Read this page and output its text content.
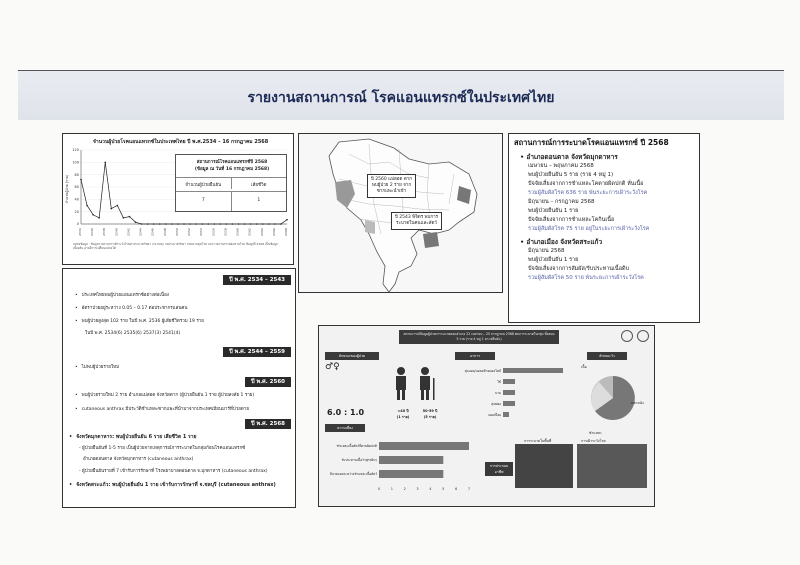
รายงานสถานการณ์ โรคแอนแทรกซ์ในประเทศไทย
จำนวนผู้ป่วยโรคแอนแทรกซ์ในประเทศไทย ปี พ.ศ.2534 – 16 กรกฎาคม 2568
0
20
40
60
80
100
120
จำนวนผู้ป่วย (ราย)
2534	2536	2538	2540	2542	2544	2546	2548	2550	2552	2554	2556	2558	2560	2562	2564	2566	2568
สถานการณ์โรคแอนแทรกซ์ปี 2568
(ข้อมูล ณ วันที่ 16 กรกฎาคม 2568)
จำนวนผู้ป่วยยืนยัน	เสียชีวิต
7	1
แหล่งข้อมูล : ข้อมูลรายงานการเฝ้าระวังโรคทางระบาดวิทยา (รง.506) กองระบาดวิทยา กรมควบคุมโรค และรายงานการสอบสวนโรค ข้อมูลปี 2568 เป็นข้อมูลเบื้องต้น อาจมีการเปลี่ยนแปลงได้
ปี 2560 แม่สอด ตาก
พบผู้ป่วย 2 ราย จาก
ซากแพะนำเข้า
ปี 2543 พิจิตร พบการ
ระบาดในคนและสัตว์
สถานการณ์การระบาดโรคแอนแทรกซ์ ปี 2568
• อำเภอดอนตาล จังหวัดมุกดาหาร
เมษายน – พฤษภาคม 2568
พบผู้ป่วยยืนยัน 5 ราย (ราย 4 หมู่ 1)
ปัจจัยเสี่ยงจากการชำแหละโคตายผิดปกติ หั่นเนื้อ
รวมผู้สัมผัสโรค 636 ราย พ้นระยะการเฝ้าระวังโรค
มิถุนายน – กรกฎาคม 2568
พบผู้ป่วยยืนยัน 1 ราย
ปัจจัยเสี่ยงจากการชำแหละโคกินเนื้อ
รวมผู้สัมผัสโรค 75 ราย อยู่ในระยะการเฝ้าระวังโรค
• อำเภอเมือง จังหวัดสระแก้ว
มิถุนายน 2568
พบผู้ป่วยยืนยัน 1 ราย
ปัจจัยเสี่ยงจากการสัมผัส/รับประทานเนื้อดิบ
รวมผู้สัมผัสโรค 50 ราย พ้นระยะการเฝ้าระวังโรค
ปี พ.ศ. 2534 – 2543
• ประเทศไทยพบผู้ป่วยแอนแทรกซ์อย่างต่อเนื่อง
• อัตราป่วยอยู่ระหว่าง 0.05 – 0.17 ต่อประชากรแสนคน
• พบผู้ป่วยสูงสุด 102 ราย ในปี พ.ศ. 2536 ผู้เสียชีวิตรวม 19 ราย
ในปี พ.ศ. 2534(6) 2535(6) 2537(3) 2541(4)
ปี พ.ศ. 2544 – 2559
• ไม่พบผู้ป่วยรายใหม่
ปี พ.ศ. 2560
• พบผู้ป่วยรายใหม่ 2 ราย อำเภอแม่สอด จังหวัดตาก (ผู้ป่วยยืนยัน 1 ราย ผู้ป่วยสงสัย 1 ราย)
• cutaneous anthrax มีประวัติชำแหละซากแพะที่นำมาจากประเทศเมียนมาร์ที่ป่วยตาย
ปี พ.ศ. 2568
• จังหวัดมุกดาหาร: พบผู้ป่วยยืนยัน 6 ราย เสียชีวิต 1 ราย
- ผู้ป่วยยืนยันที่ 1-5 ราย เป็นผู้ป่วยจากเหตุการณ์การระบาดในกลุ่มก้อนโรคแอนแทรกซ์
อำเภอดอนตาล จังหวัดมุกดาหาร (cutaneous anthrax)
- ผู้ป่วยยืนยันรายที่ 7 เข้ารับการรักษาที่ โรงพยาบาลดอนตาล จ.มุกดาหาร (cutaneous anthrax)
• จังหวัดสระแก้ว: พบผู้ป่วยยืนยัน 1 ราย เข้ารับการรักษาที่ จ.ชลบุรี (cutaneous anthrax)
สถานการณ์ข้อมูลผู้ป่วยการระบาดตอนอำเภอ 22 เมษายน – 25 กรกฎาคม 2568 พบการระบาดในกลุ่ม ทั้งหมด 5 ราย (ราย 4 หมู่ 1 ตรวจยืนยัน)
ลักษณะของผู้ป่วย
♂♀
6.0 : 1.0	<40 ปี
(1 ราย)
50-59 ปี
(5 ราย)
อาการ
ตุ่มแผล/แผลคล้ายแผลไหม้
ไข้
บวม
ตุ่มพอง
แผลเปื่อย
ลักษณะวัว
เนื้อ
ถลกหนัง
ชำแหละ
ความเสี่ยง
ชำแหละเนื้อสัตว์ที่ตายผิดปกติ
รับประทานเนื้อวัวสุกๆดิบๆ
มีบาดแผลระหว่างชำแหละเนื้อสัตว์
0	1	2	3	4	5	6	7
การประกอบอาชีพ
การระบาดในพื้นที่	การเฝ้าระวังโรค
